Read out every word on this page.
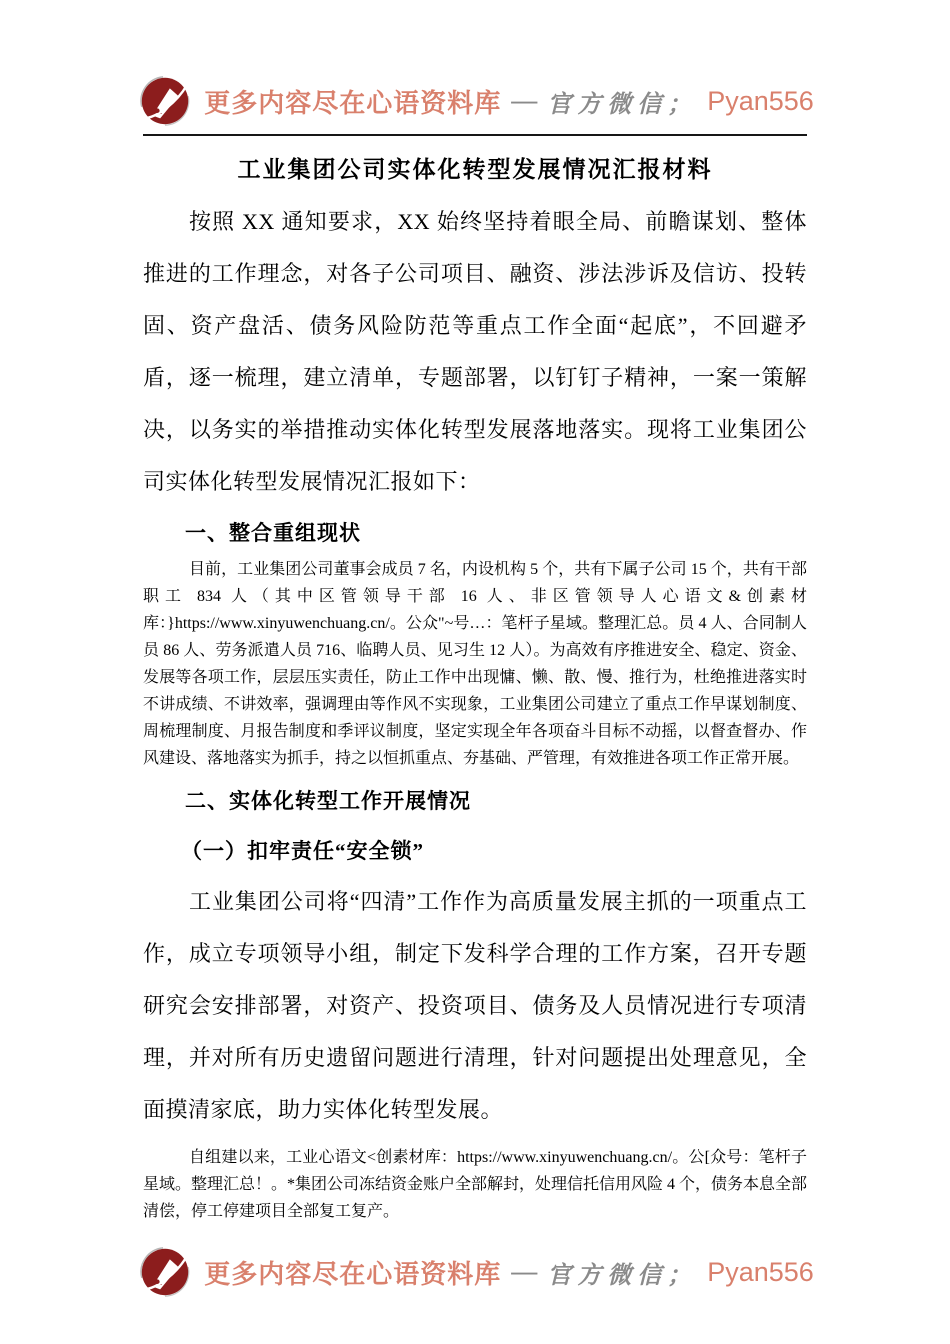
更多内容尽在心语资料库 — 官方微信； Pyan556
工业集团公司实体化转型发展情况汇报材料

按照 XX 通知要求，XX 始终坚持着眼全局、前瞻谋划、整体推进的工作理念，对各子公司项目、融资、涉法涉诉及信访、投转固、资产盘活、债务风险防范等重点工作全面“起底”，不回避矛盾，逐一梳理，建立清单，专题部署，以钉钉子精神，一案一策解决，以务实的举措推动实体化转型发展落地落实。现将工业集团公司实体化转型发展情况汇报如下：

一、整合重组现状

目前，工业集团公司董事会成员 7 名，内设机构 5 个，共有下属子公司 15 个，共有干部职工 834 人（其中区管领导干部 16 人、非区管领导人心语文&创素材库：}https://www.xinyuwenchuang.cn/。公众"~号…：笔杆子星域。整理汇总。员 4 人、合同制人员 86 人、劳务派遣人员 716、临聘人员、见习生 12 人）。为高效有序推进安全、稳定、资金、发展等各项工作，层层压实责任，防止工作中出现慵、懒、散、慢、推行为，杜绝推进落实时不讲成绩、不讲效率，强调理由等作风不实现象，工业集团公司建立了重点工作早谋划制度、周梳理制度、月报告制度和季评议制度，坚定实现全年各项奋斗目标不动摇，以督查督办、作风建设、落地落实为抓手，持之以恒抓重点、夯基础、严管理，有效推进各项工作正常开展。

二、实体化转型工作开展情况
（一）扣牢责任“安全锁”

工业集团公司将“四清”工作作为高质量发展主抓的一项重点工作，成立专项领导小组，制定下发科学合理的工作方案，召开专题研究会安排部署，对资产、投资项目、债务及人员情况进行专项清理，并对所有历史遗留问题进行清理，针对问题提出处理意见，全面摸清家底，助力实体化转型发展。

自组建以来，工业心语文<创素材库：https://www.xinyuwenchuang.cn/。公[众号：笔杆子星域。整理汇总！。*集团公司冻结资金账户全部解封，处理信托信用风险 4 个，债务本息全部清偿，停工停建项目全部复工复产。

更多内容尽在心语资料库 — 官方微信； Pyan556
